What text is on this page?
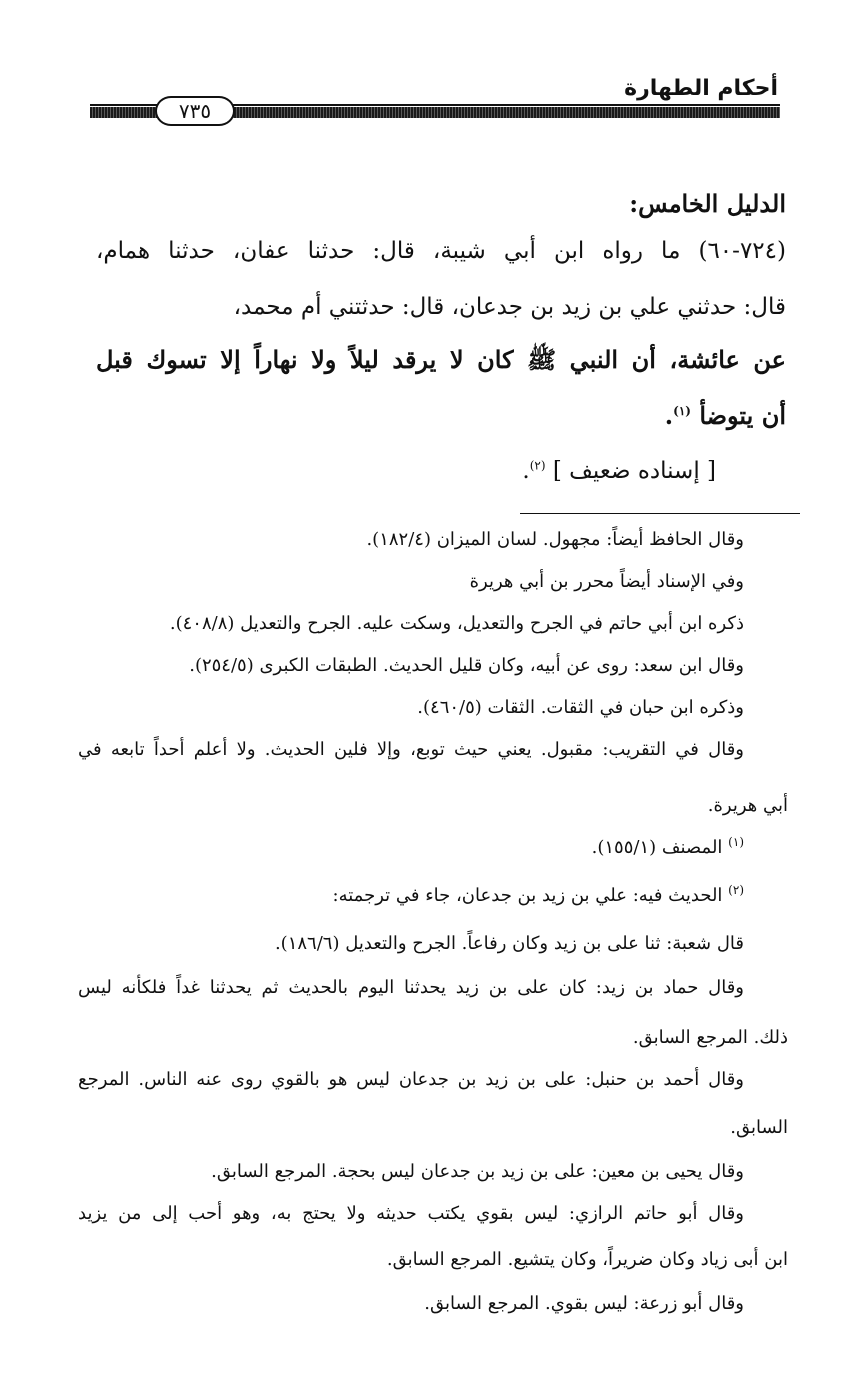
أحكام الطهارة
٧٣٥
الدليل الخامس:
(٧٢٤-٦٠) ما رواه ابن أبي شيبة، قال: حدثنا عفان، حدثنا همام،
قال: حدثني علي بن زيد بن جدعان، قال: حدثتني أم محمد،
عن عائشة، أن النبي ﷺ كان لا يرقد ليلاً ولا نهاراً إلا تسوك قبل
أن يتوضأ $^{(١)}$.
[ إسناده ضعيف ] $^{(٢)}$.
وقال الحافظ أيضاً: مجهول. لسان الميزان (١٨٢/٤).
وفي الإسناد أيضاً محرر بن أبي هريرة
ذكره ابن أبي حاتم في الجرح والتعديل، وسكت عليه. الجرح والتعديل (٤٠٨/٨).
وقال ابن سعد: روى عن أبيه، وكان قليل الحديث. الطبقات الكبرى (٢٥٤/٥).
وذكره ابن حبان في الثقات. الثقات (٤٦٠/٥).
وقال في التقريب: مقبول. يعني حيث توبع، وإلا فلين الحديث. ولا أعلم أحداً تابعه في
أبي هريرة.
$^{(١)}$ المصنف (١٥٥/١).
$^{(٢)}$ الحديث فيه: علي بن زيد بن جدعان، جاء في ترجمته:
قال شعبة: ثنا على بن زيد وكان رفاعاً. الجرح والتعديل (١٨٦/٦).
وقال حماد بن زيد: كان على بن زيد يحدثنا اليوم بالحديث ثم يحدثنا غداً فلكأنه ليس
ذلك. المرجع السابق.
وقال أحمد بن حنبل: على بن زيد بن جدعان ليس هو بالقوي روى عنه الناس. المرجع
السابق.
وقال يحيى بن معين: على بن زيد بن جدعان ليس بحجة. المرجع السابق.
وقال أبو حاتم الرازي: ليس بقوي يكتب حديثه ولا يحتج به، وهو أحب إلى من يزيد
ابن أبى زياد وكان ضريراً، وكان يتشيع. المرجع السابق.
وقال أبو زرعة: ليس بقوي. المرجع السابق.
